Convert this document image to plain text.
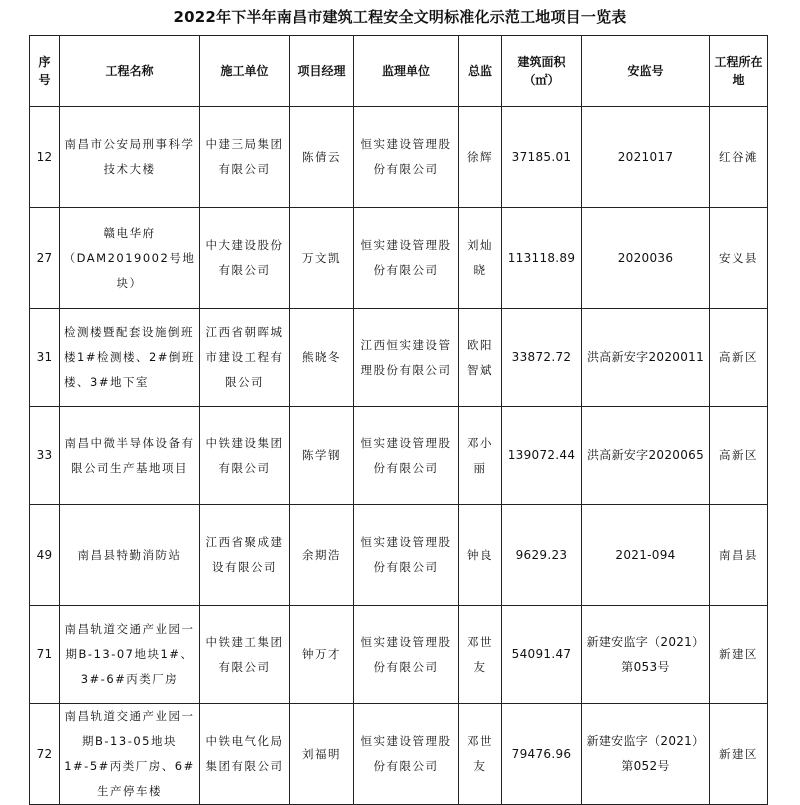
2022年下半年南昌市建筑工程安全文明标准化示范工地项目一览表
序号	工程名称	施工单位	项目经理	监理单位	总监	建筑面积（㎡）	安监号	工程所在地
12	南昌市公安局刑事科学技术大楼	中建三局集团有限公司	陈倩云	恒实建设管理股份有限公司	徐辉	37185.01	2021017	红谷滩
27	赣电华府（DAM2019002号地块）	中大建设股份有限公司	万文凯	恒实建设管理股份有限公司	刘灿晓	113118.89	2020036	安义县
31	检测楼暨配套设施倒班楼1#检测楼、2#倒班楼、3#地下室	江西省朝晖城市建设工程有限公司	熊晓冬	江西恒实建设管理股份有限公司	欧阳智斌	33872.72	洪高新安字2020011	高新区
33	南昌中微半导体设备有限公司生产基地项目	中铁建设集团有限公司	陈学钢	恒实建设管理股份有限公司	邓小丽	139072.44	洪高新安字2020065	高新区
49	南昌县特勤消防站	江西省聚成建设有限公司	余期浩	恒实建设管理股份有限公司	钟良	9629.23	2021-094	南昌县
71	南昌轨道交通产业园一期B-13-07地块1#、3#-6#丙类厂房	中铁建工集团有限公司	钟万才	恒实建设管理股份有限公司	邓世友	54091.47	新建安监字（2021）第053号	新建区
72	南昌轨道交通产业园一期B-13-05地块1#-5#丙类厂房、6#生产停车楼	中铁电气化局集团有限公司	刘福明	恒实建设管理股份有限公司	邓世友	79476.96	新建安监字（2021）第052号	新建区
